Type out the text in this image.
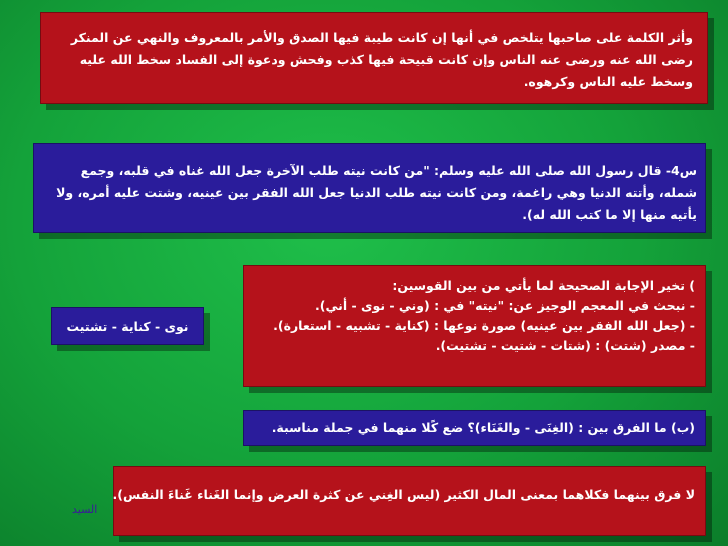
وأثر الكلمة على صاحبها يتلخص في أنها إن كانت طيبة فيها الصدق والأمر بالمعروف والنهي عن المنكر رضى الله عنه ورضى عنه الناس وإن كانت قبيحة فيها كذب وفحش ودعوة إلى الفساد سخط الله عليه وسخط عليه الناس وكرهوه.

س4- قال رسول الله صلى الله عليه وسلم: "من كانت نيته طلب الآخرة جعل الله غناه في قلبه، وجمع شمله، وأتته الدنيا وهي راغمة، ومن كانت نيته طلب الدنيا جعل الله الفقر بين عينيه، وشتت عليه أمره، ولا يأتيه منها إلا ما كتب الله له).

) تخير الإجابة الصحيحة لما يأتي من بين القوسين:
- نبحث في المعجم الوجيز عن: "نيته" في : (وني - نوى - أني).
- (جعل الله الفقر بين عينيه) صورة نوعها : (كناية - تشبيه - استعارة).
- مصدر (شتت) : (شتات - شتيت - تشتيت).
نوى - كناية - تشتيت
(ب) ما الفرق بين : (الغِنَى - والغَنَاء)؟ ضع كًلا منهما في جملة مناسبة.
لا فرق بينهما فكلاهما بمعنى المال الكثير (ليس الغِني عن كثرة العرض وإنما الغَناء غَناءَ النفس).
السيد
